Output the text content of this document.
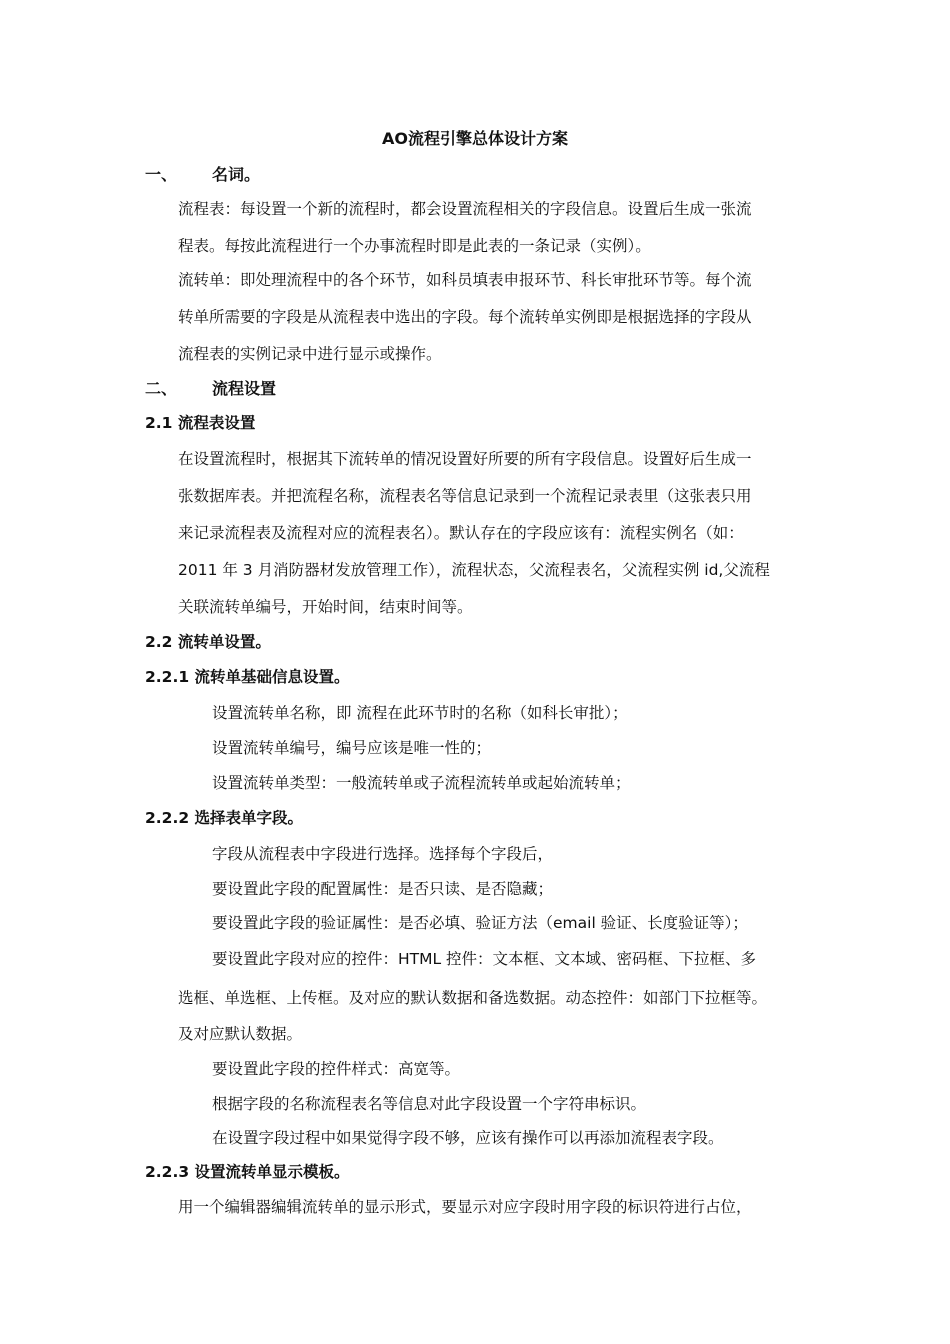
AO流程引擎总体设计方案
一、 名词。
流程表：每设置一个新的流程时，都会设置流程相关的字段信息。设置后生成一张流
程表。每按此流程进行一个办事流程时即是此表的一条记录（实例）。
流转单：即处理流程中的各个环节，如科员填表申报环节、科长审批环节等。每个流
转单所需要的字段是从流程表中选出的字段。每个流转单实例即是根据选择的字段从
流程表的实例记录中进行显示或操作。
二、 流程设置
2.1 流程表设置
在设置流程时，根据其下流转单的情况设置好所要的所有字段信息。设置好后生成一
张数据库表。并把流程名称，流程表名等信息记录到一个流程记录表里（这张表只用
来记录流程表及流程对应的流程表名）。默认存在的字段应该有：流程实例名（如：
2011 年 3 月消防器材发放管理工作），流程状态，父流程表名，父流程实例 id,父流程
关联流转单编号，开始时间，结束时间等。
2.2 流转单设置。
2.2.1 流转单基础信息设置。
设置流转单名称，即 流程在此环节时的名称（如科长审批）；
设置流转单编号，编号应该是唯一性的；
设置流转单类型：一般流转单或子流程流转单或起始流转单；
2.2.2 选择表单字段。
字段从流程表中字段进行选择。选择每个字段后，
要设置此字段的配置属性：是否只读、是否隐藏；
要设置此字段的验证属性：是否必填、验证方法（email 验证、长度验证等）；
要设置此字段对应的控件：HTML 控件：文本框、文本域、密码框、下拉框、多
选框、单选框、上传框。及对应的默认数据和备选数据。动态控件：如部门下拉框等。
及对应默认数据。
要设置此字段的控件样式：高宽等。
根据字段的名称流程表名等信息对此字段设置一个字符串标识。
在设置字段过程中如果觉得字段不够，应该有操作可以再添加流程表字段。
2.2.3 设置流转单显示模板。
用一个编辑器编辑流转单的显示形式，要显示对应字段时用字段的标识符进行占位，
